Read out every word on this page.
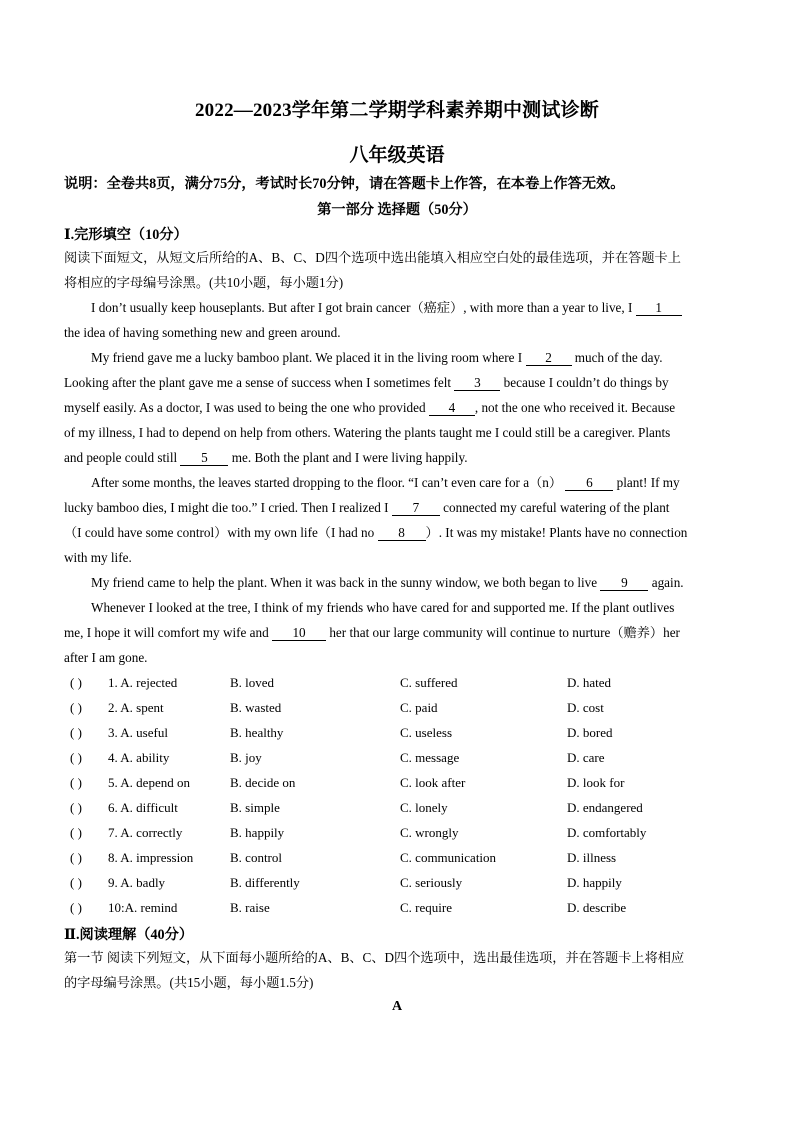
2022—2023学年第二学期学科素养期中测试诊断
八年级英语
说明：全卷共8页，满分75分，考试时长70分钟，请在答题卡上作答，在本卷上作答无效。
第一部分 选择题（50分）
Ⅰ.完形填空（10分）
阅读下面短文，从短文后所给的A、B、C、D四个选项中选出能填入相应空白处的最佳选项，并在答题卡上
将相应的字母编号涂黑。(共10小题，每小题1分)
I don’t usually keep houseplants. But after I got brain cancer（癌症）, with more than a year to live, I 1
the idea of having something new and green around.
My friend gave me a lucky bamboo plant. We placed it in the living room where I 2 much of the day.
Looking after the plant gave me a sense of success when I sometimes felt 3 because I couldn’t do things by
myself easily. As a doctor, I was used to being the one who provided 4 , not the one who received it. Because
of my illness, I had to depend on help from others. Watering the plants taught me I could still be a caregiver. Plants
and people could still 5 me. Both the plant and I were living happily.
After some months, the leaves started dropping to the floor. “I can’t even care for a（n） 6 plant! If my
lucky bamboo dies, I might die too.” I cried. Then I realized I 7 connected my careful watering of the plant
（I could have some control）with my own life（I had no 8 ）. It was my mistake! Plants have no connection
with my life.
My friend came to help the plant. When it was back in the sunny window, we both began to live 9 again.
Whenever I looked at the tree, I think of my friends who have cared for and supported me. If the plant outlives
me, I hope it will comfort my wife and 10 her that our large community will continue to nurture（赡养）her
after I am gone.
( ) 1. A. rejected	B. loved	C. suffered	D. hated
( ) 2. A. spent	B. wasted	C. paid	D. cost
( ) 3. A. useful	B. healthy	C. useless	D. bored
( ) 4. A. ability	B. joy	C. message	D. care
( ) 5. A. depend on	B. decide on	C. look after	D. look for
( ) 6. A. difficult	B. simple	C. lonely	D. endangered
( ) 7. A. correctly	B. happily	C. wrongly	D. comfortably
( ) 8. A. impression	B. control	C. communication	D. illness
( ) 9. A. badly	B. differently	C. seriously	D. happily
( ) 10:A. remind	B. raise	C. require	D. describe
Ⅱ.阅读理解（40分）
第一节 阅读下列短文，从下面每小题所给的A、B、C、D四个选项中，选出最佳选项，并在答题卡上将相应
的字母编号涂黑。(共15小题，每小题1.5分)
A
